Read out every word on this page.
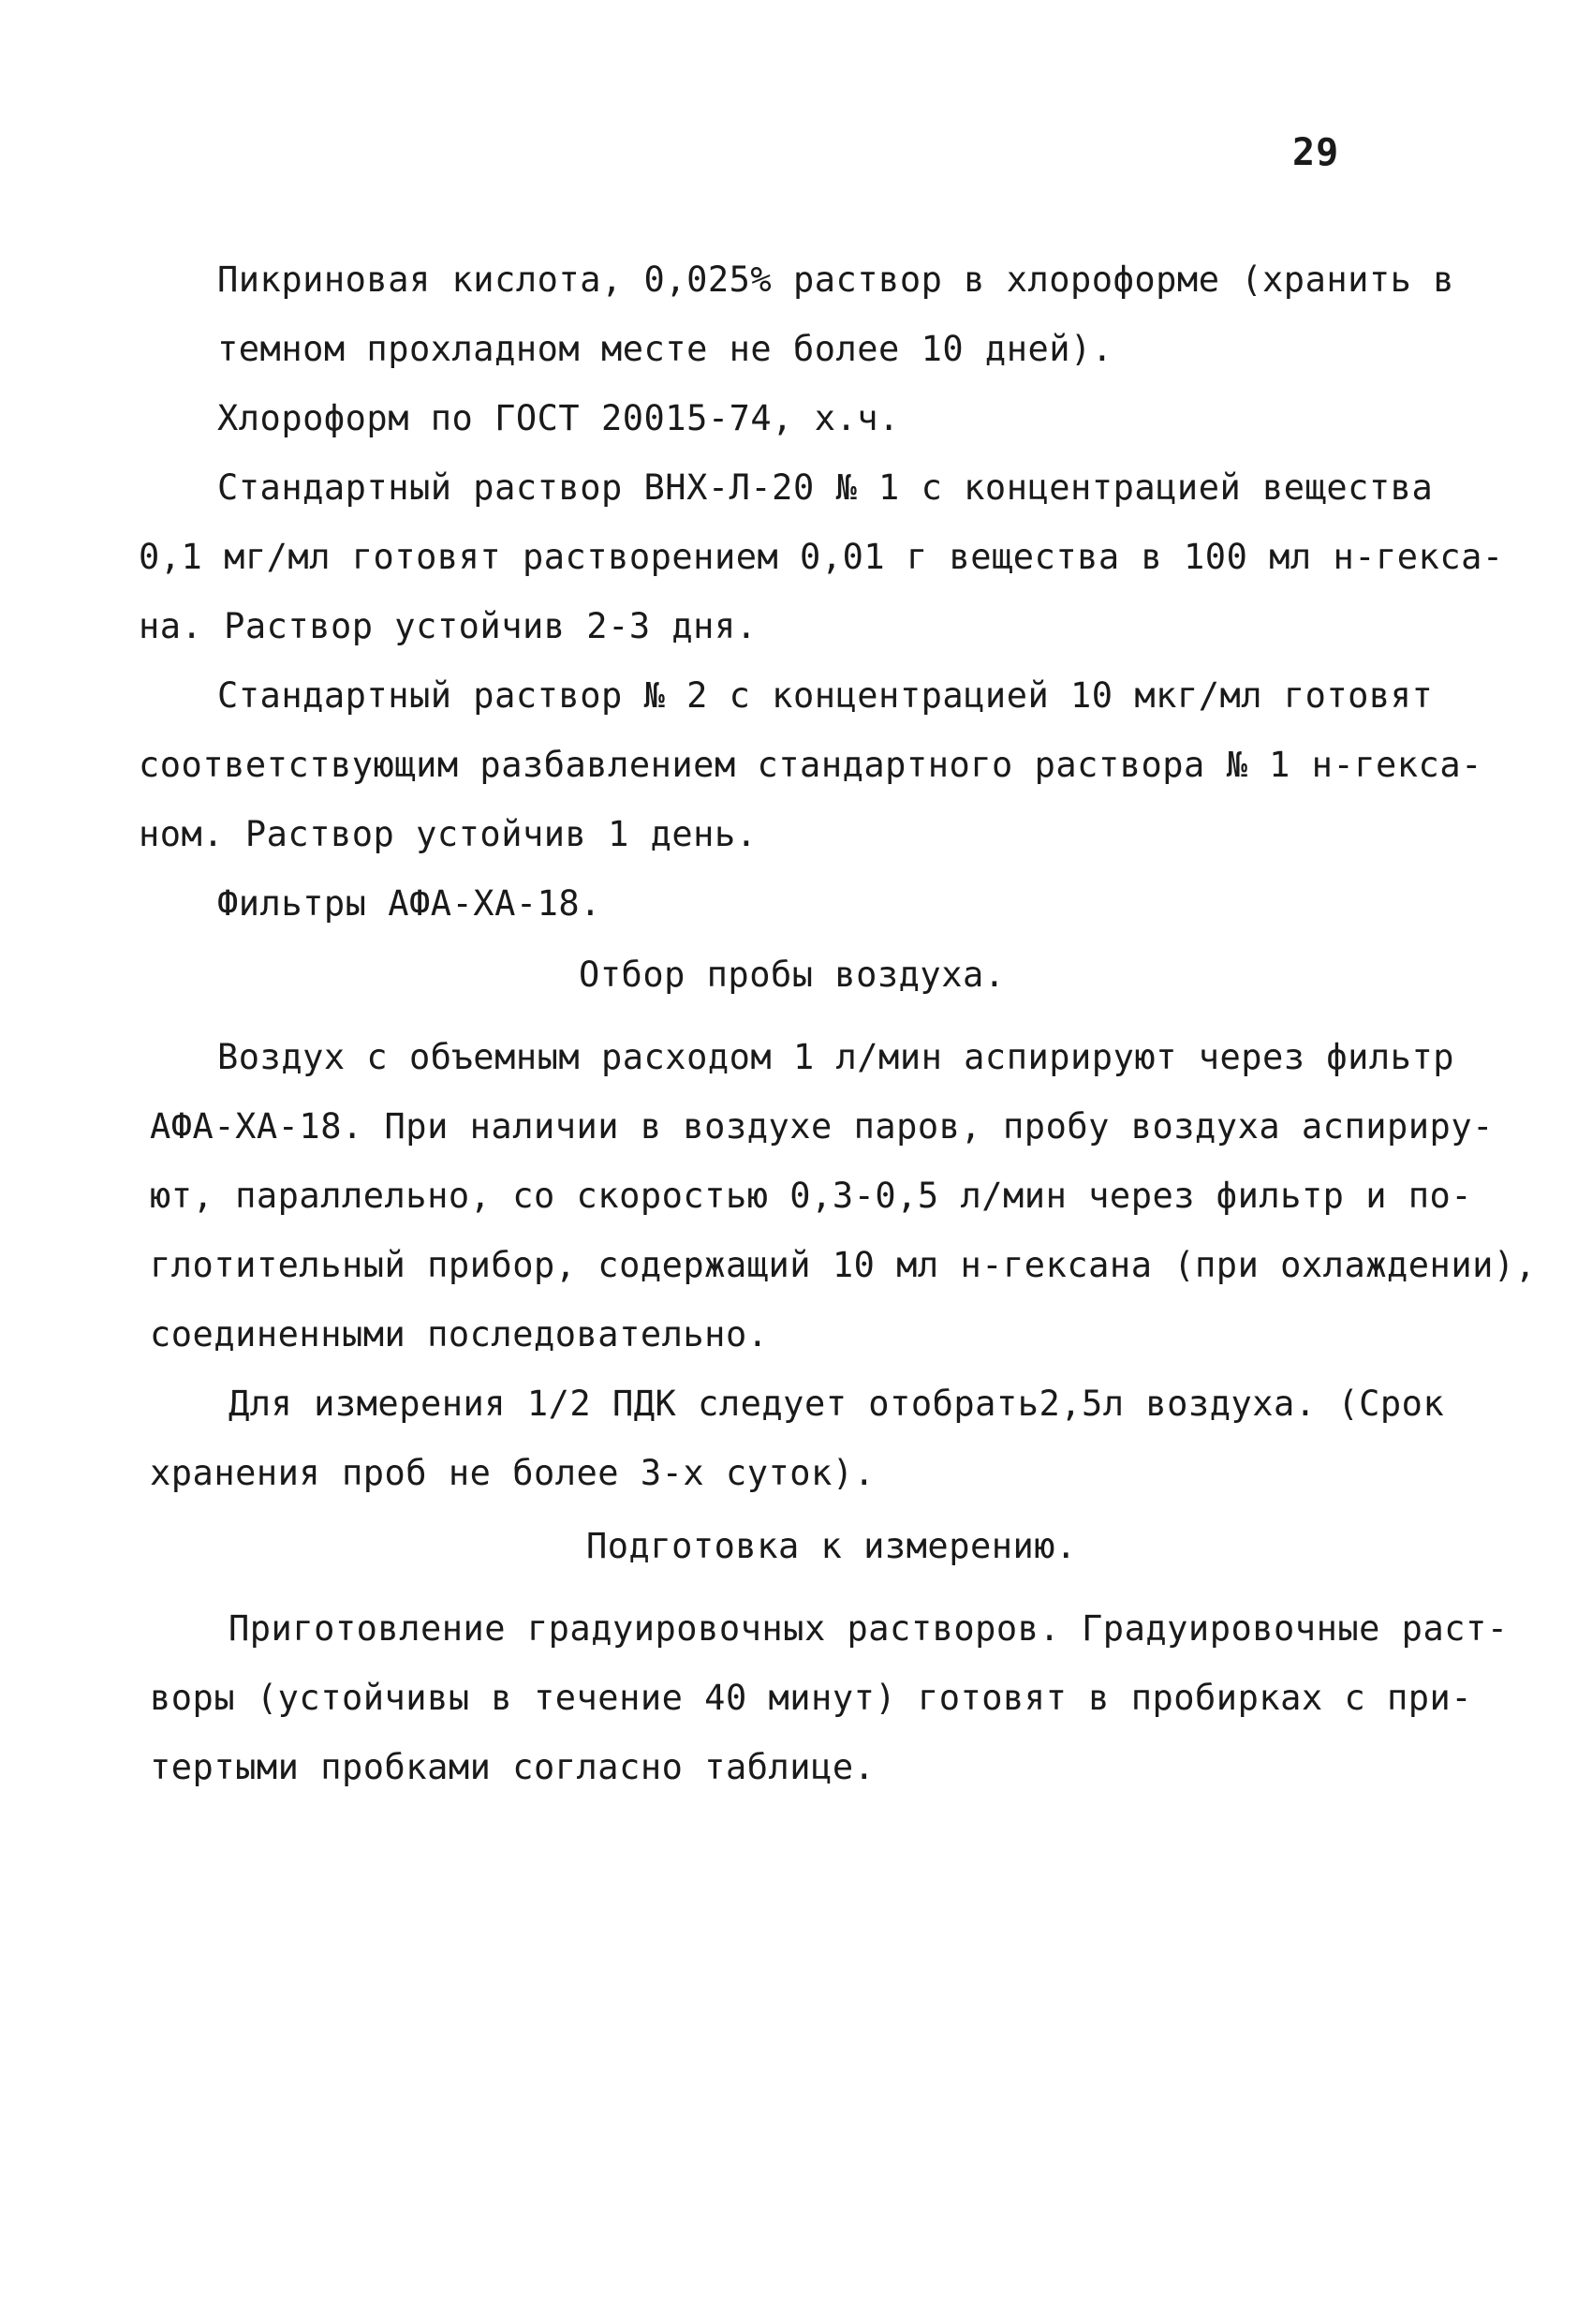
29
Пикриновая кислота, 0,025% раствор в хлороформе (хранить в
темном прохладном месте не более 10 дней).
Хлороформ по ГОСТ 20015-74, х.ч.
Стандартный раствор ВНХ-Л-20 № 1 с концентрацией вещества
0,1 мг/мл готовят растворением 0,01 г вещества в 100 мл н-гекса-
на. Раствор устойчив 2-3 дня.
Стандартный раствор № 2 с концентрацией 10 мкг/мл готовят
соответствующим разбавлением стандартного раствора № 1 н-гекса-
ном. Раствор устойчив 1 день.
Фильтры АФА-ХА-18.
Отбор пробы воздуха.
Воздух с объемным расходом 1 л/мин аспирируют через фильтр
АФА-ХА-18. При наличии в воздухе паров, пробу воздуха аспириру-
ют, параллельно, со скоростью 0,3-0,5 л/мин через фильтр и по-
глотительный прибор, содержащий 10 мл н-гексана (при охлаждении),
соединенными последовательно.
Для измерения 1/2 ПДК следует отобрать2,5л воздуха. (Срок
хранения проб не более 3-х суток).
Подготовка к измерению.
Приготовление градуировочных растворов. Градуировочные раст-
воры (устойчивы в течение 40 минут) готовят в пробирках с при-
тертыми пробками согласно таблице.
